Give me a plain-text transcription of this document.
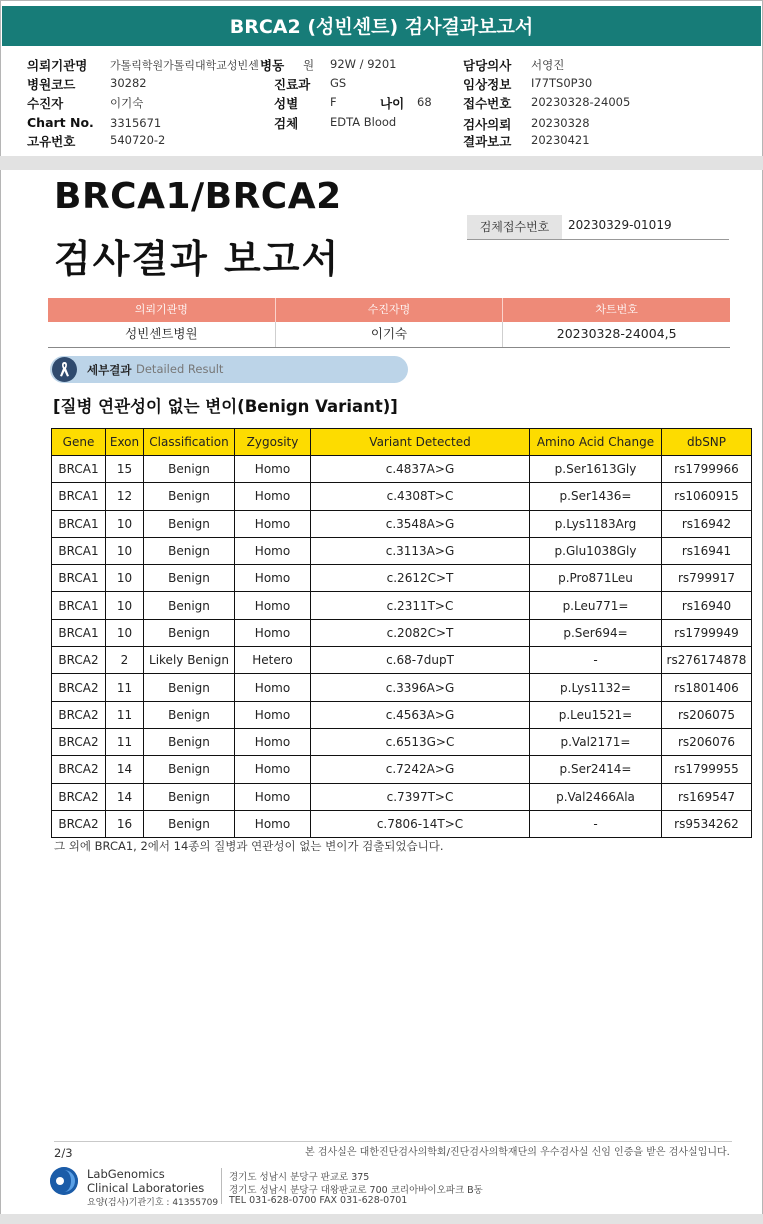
BRCA2 (성빈센트) 검사결과보고서
의뢰기관명 가톨릭학원가톨릭대학교성빈센 병동 원 92W / 9201	담당의사 서영진
병원코드	30282	진료과 GS	임상정보 I77TS0P30
수진자	이기숙	성별	F	나이 68	접수번호 20230328-24005
Chart No. 3315671	검체	EDTA Blood	검사의뢰 20230328
고유번호	540720-2	결과보고 20230421
BRCA1/BRCA2
검사결과 보고서
검체접수번호	20230329-01019
의뢰기관명	수진자명	차트번호
성빈센트병원	이기숙	20230328-24004,5
세부결과 Detailed Result
[질병 연관성이 없는 변이(Benign Variant)]
Gene	Exon	Classification	Zygosity	Variant Detected	Amino Acid Change	dbSNP
BRCA1	15	Benign	Homo	c.4837A>G	p.Ser1613Gly	rs1799966
BRCA1	12	Benign	Homo	c.4308T>C	p.Ser1436=	rs1060915
BRCA1	10	Benign	Homo	c.3548A>G	p.Lys1183Arg	rs16942
BRCA1	10	Benign	Homo	c.3113A>G	p.Glu1038Gly	rs16941
BRCA1	10	Benign	Homo	c.2612C>T	p.Pro871Leu	rs799917
BRCA1	10	Benign	Homo	c.2311T>C	p.Leu771=	rs16940
BRCA1	10	Benign	Homo	c.2082C>T	p.Ser694=	rs1799949
BRCA2	2	Likely Benign	Hetero	c.68-7dupT	-	rs276174878
BRCA2	11	Benign	Homo	c.3396A>G	p.Lys1132=	rs1801406
BRCA2	11	Benign	Homo	c.4563A>G	p.Leu1521=	rs206075
BRCA2	11	Benign	Homo	c.6513G>C	p.Val2171=	rs206076
BRCA2	14	Benign	Homo	c.7242A>G	p.Ser2414=	rs1799955
BRCA2	14	Benign	Homo	c.7397T>C	p.Val2466Ala	rs169547
BRCA2	16	Benign	Homo	c.7806-14T>C	-	rs9534262
그 외에 BRCA1, 2에서 14종의 질병과 연관성이 없는 변이가 검출되었습니다.
2/3	본 검사실은 대한진단검사의학회/진단검사의학재단의 우수검사실 신임 인증을 받은 검사실입니다.
LabGenomics
Clinical Laboratories
요양(검사)기관기호 : 41355709
경기도 성남시 분당구 판교로 375
경기도 성남시 분당구 대왕판교로 700 코리아바이오파크 B동
TEL 031-628-0700 FAX 031-628-0701
